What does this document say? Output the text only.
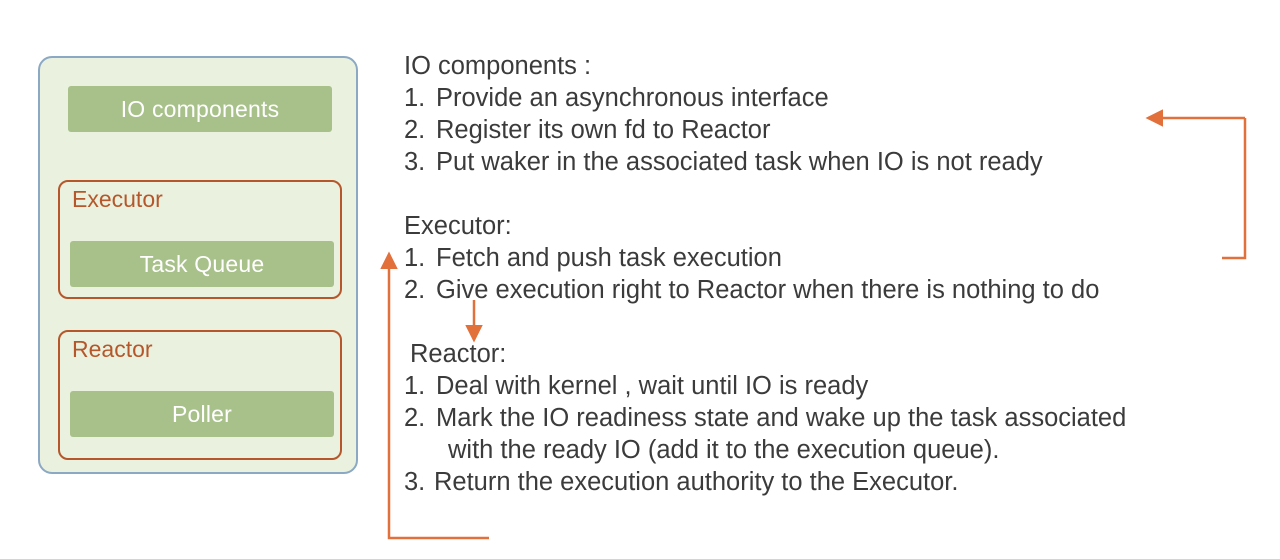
IO components
Executor
Task Queue
Reactor
Poller
IO components :
1. Provide an asynchronous interface
2. Register its own fd to Reactor
3. Put waker in the associated task when IO is not ready
Executor:
1. Fetch and push task execution
2. Give execution right to Reactor when there is nothing to do
Reactor:
1. Deal with kernel , wait until IO is ready
2. Mark the IO readiness state and wake up the task associated
with the ready IO (add it to the execution queue).
3. Return the execution authority to the Executor.
